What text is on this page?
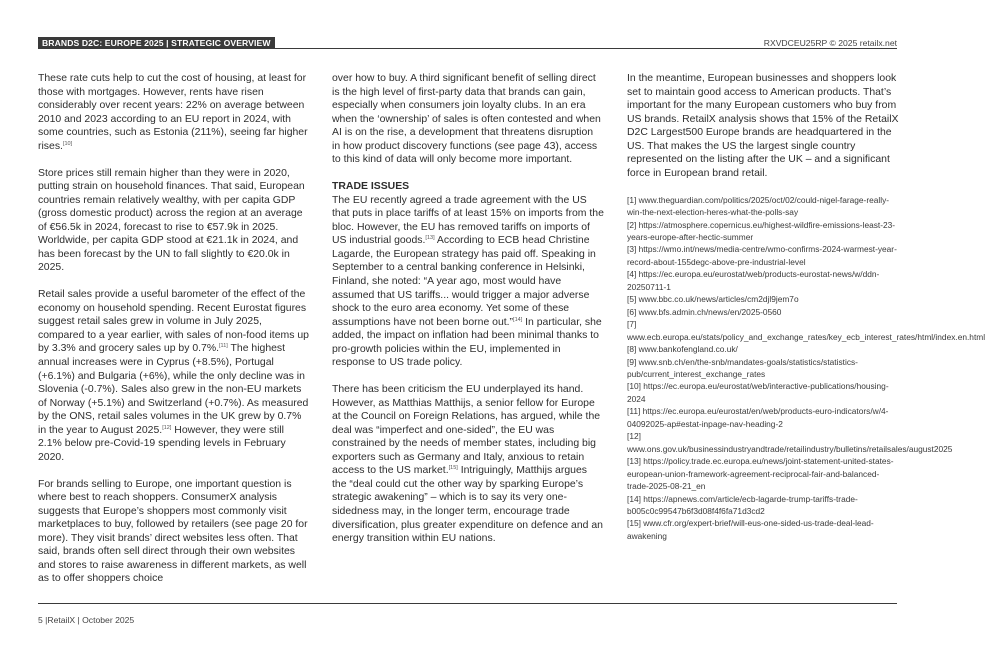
BRANDS D2C: EUROPE 2025 | STRATEGIC OVERVIEW	RXVDCEU25RP © 2025 retailx.net

These rate cuts help to cut the cost of housing, at least for those with mortgages. However, rents have risen considerably over recent years: 22% on average between 2010 and 2023 according to an EU report in 2024, with some countries, such as Estonia (211%), seeing far higher rises.[10]

Store prices still remain higher than they were in 2020, putting strain on household finances. That said, European countries remain relatively wealthy, with per capita GDP (gross domestic product) across the region at an average of €56.5k in 2024, forecast to rise to €57.9k in 2025. Worldwide, per capita GDP stood at €21.1k in 2024, and has been forecast by the UN to fall slightly to €20.0k in 2025.

Retail sales provide a useful barometer of the effect of the economy on household spending. Recent Eurostat figures suggest retail sales grew in volume in July 2025, compared to a year earlier, with sales of non-food items up by 3.3% and grocery sales up by 0.7%.[11] The highest annual increases were in Cyprus (+8.5%), Portugal (+6.1%) and Bulgaria (+6%), while the only decline was in Slovenia (-0.7%). Sales also grew in the non-EU markets of Norway (+5.1%) and Switzerland (+0.7%). As measured by the ONS, retail sales volumes in the UK grew by 0.7% in the year to August 2025.[12] However, they were still 2.1% below pre-Covid-19 spending levels in February 2020.

For brands selling to Europe, one important question is where best to reach shoppers. ConsumerX analysis suggests that Europe’s shoppers most commonly visit marketplaces to buy, followed by retailers (see page 20 for more). They visit brands’ direct websites less often. That said, brands often sell direct through their own websites and stores to raise awareness in different markets, as well as to offer shoppers choice

over how to buy. A third significant benefit of selling direct is the high level of first-party data that brands can gain, especially when consumers join loyalty clubs. In an era when the ‘ownership’ of sales is often contested and when AI is on the rise, a development that threatens disruption in how product discovery functions (see page 43), access to this kind of data will only become more important.

TRADE ISSUES

The EU recently agreed a trade agreement with the US that puts in place tariffs of at least 15% on imports from the bloc. However, the EU has removed tariffs on imports of US industrial goods.[13] According to ECB head Christine Lagarde, the European strategy has paid off. Speaking in September to a central banking conference in Helsinki, Finland, she noted: “A year ago, most would have assumed that US tariffs... would trigger a major adverse shock to the euro area economy. Yet some of these assumptions have not been borne out.”[14] In particular, she added, the impact on inflation had been minimal thanks to pro-growth policies within the EU, implemented in response to US trade policy.

There has been criticism the EU underplayed its hand. However, as Matthias Matthijs, a senior fellow for Europe at the Council on Foreign Relations, has argued, while the deal was “imperfect and one-sided”, the EU was constrained by the needs of member states, including big exporters such as Germany and Italy, anxious to retain access to the US market.[15] Intriguingly, Matthijs argues the “deal could cut the other way by sparking Europe’s strategic awakening” – which is to say its very one-sidedness may, in the longer term, encourage trade diversification, plus greater expenditure on defence and an energy transition within EU nations.

In the meantime, European businesses and shoppers look set to maintain good access to American products. That’s important for the many European customers who buy from US brands. RetailX analysis shows that 15% of the RetailX D2C Largest500 Europe brands are headquartered in the US. That makes the US the largest single country represented on the listing after the UK – and a significant force in European brand retail.

[1] www.theguardian.com/politics/2025/oct/02/could-nigel-farage-really-win-the-next-election-heres-what-the-polls-say
[2] https://atmosphere.copernicus.eu/highest-wildfire-emissions-least-23-years-europe-after-hectic-summer
[3] https://wmo.int/news/media-centre/wmo-confirms-2024-warmest-year-record-about-155degc-above-pre-industrial-level
[4] https://ec.europa.eu/eurostat/web/products-eurostat-news/w/ddn-20250711-1
[5] www.bbc.co.uk/news/articles/cm2djl9jem7o
[6] www.bfs.admin.ch/news/en/2025-0560
[7] www.ecb.europa.eu/stats/policy_and_exchange_rates/key_ecb_interest_rates/html/index.en.html
[8] www.bankofengland.co.uk/
[9] www.snb.ch/en/the-snb/mandates-goals/statistics/statistics-pub/current_interest_exchange_rates
[10] https://ec.europa.eu/eurostat/web/interactive-publications/housing-2024
[11] https://ec.europa.eu/eurostat/en/web/products-euro-indicators/w/4-04092025-ap#estat-inpage-nav-heading-2
[12] www.ons.gov.uk/businessindustryandtrade/retailindustry/bulletins/retailsales/august2025
[13] https://policy.trade.ec.europa.eu/news/joint-statement-united-states-european-union-framework-agreement-reciprocal-fair-and-balanced-trade-2025-08-21_en
[14] https://apnews.com/article/ecb-lagarde-trump-tariffs-trade-b005c0c99547b6f3d08f4f6fa71d3cd2
[15] www.cfr.org/expert-brief/will-eus-one-sided-us-trade-deal-lead-awakening
5 |RetailX | October 2025
